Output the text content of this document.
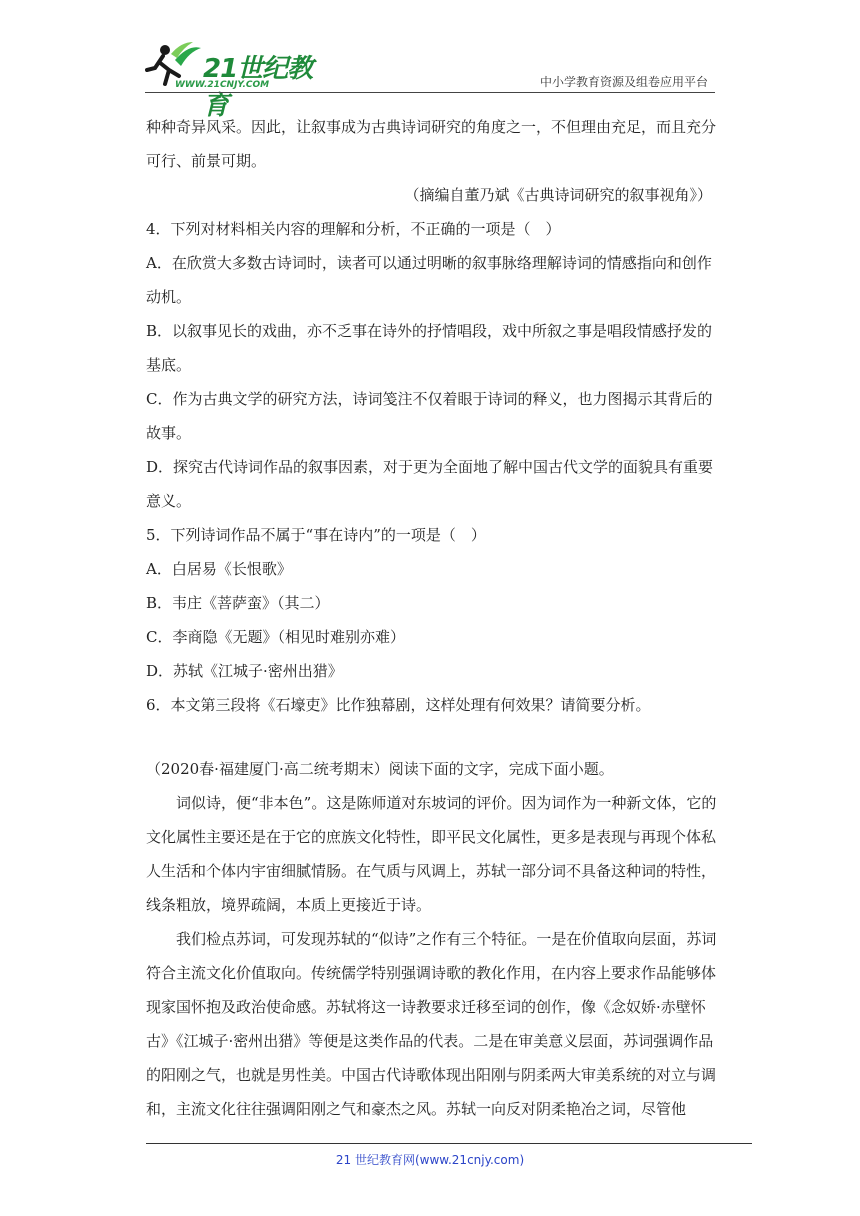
21世纪教育
WWW.21CNJY.COM	中小学教育资源及组卷应用平台

种种奇异风采。因此，让叙事成为古典诗词研究的角度之一，不但理由充足，而且充分

可行、前景可期。

（摘编自董乃斌《古典诗词研究的叙事视角》）

4．下列对材料相关内容的理解和分析，不正确的一项是（　）

A．在欣赏大多数古诗词时，读者可以通过明晰的叙事脉络理解诗词的情感指向和创作动机。

B．以叙事见长的戏曲，亦不乏事在诗外的抒情唱段，戏中所叙之事是唱段情感抒发的基底。

C．作为古典文学的研究方法，诗词笺注不仅着眼于诗词的释义，也力图揭示其背后的故事。

D．探究古代诗词作品的叙事因素，对于更为全面地了解中国古代文学的面貌具有重要意义。

5．下列诗词作品不属于“事在诗内”的一项是（　）

A．白居易《长恨歌》

B．韦庄《菩萨蛮》（其二）

C．李商隐《无题》（相见时难别亦难）

D．苏轼《江城子·密州出猎》

6．本文第三段将《石壕吏》比作独幕剧，这样处理有何效果？请简要分析。

（2020春·福建厦门·高二统考期末）阅读下面的文字，完成下面小题。

词似诗，便“非本色”。这是陈师道对东坡词的评价。因为词作为一种新文体，它的文化属性主要还是在于它的庶族文化特性，即平民文化属性，更多是表现与再现个体私人生活和个体内宇宙细腻情肠。在气质与风调上，苏轼一部分词不具备这种词的特性，线条粗放，境界疏阔，本质上更接近于诗。

我们检点苏词，可发现苏轼的“似诗”之作有三个特征。一是在价值取向层面，苏词符合主流文化价值取向。传统儒学特别强调诗歌的教化作用，在内容上要求作品能够体现家国怀抱及政治使命感。苏轼将这一诗教要求迁移至词的创作，像《念奴娇·赤壁怀古》《江城子·密州出猎》等便是这类作品的代表。二是在审美意义层面，苏词强调作品的阳刚之气，也就是男性美。中国古代诗歌体现出阳刚与阴柔两大审美系统的对立与调和，主流文化往往强调阳刚之气和豪杰之风。苏轼一向反对阴柔艳冶之词，尽管他

21 世纪教育网(www.21cnjy.com)
